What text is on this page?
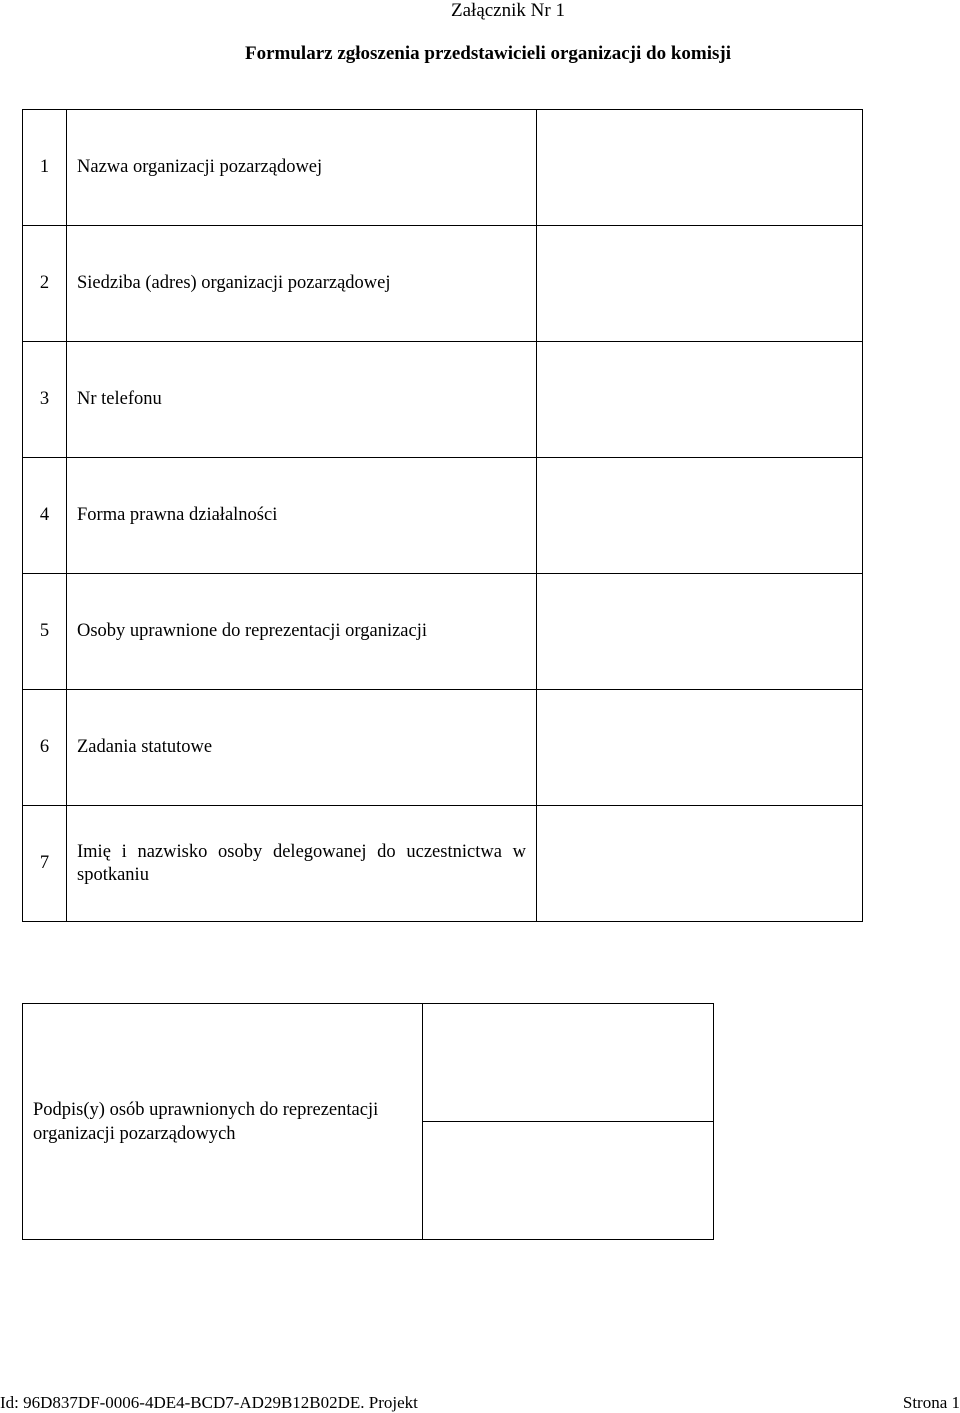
Załącznik Nr 1
Formularz zgłoszenia przedstawicieli organizacji do komisji
1	Nazwa organizacji pozarządowej	
2	Siedziba (adres) organizacji pozarządowej	
3	Nr telefonu	
4	Forma prawna działalności	
5	Osoby uprawnione do reprezentacji organizacji	
6	Zadania statutowe	
7	Imię i nazwisko osoby delegowanej do uczestnictwa w spotkaniu	
Podpis(y) osób uprawnionych do reprezentacji organizacji pozarządowych	

Id: 96D837DF-0006-4DE4-BCD7-AD29B12B02DE. Projekt	Strona 1
